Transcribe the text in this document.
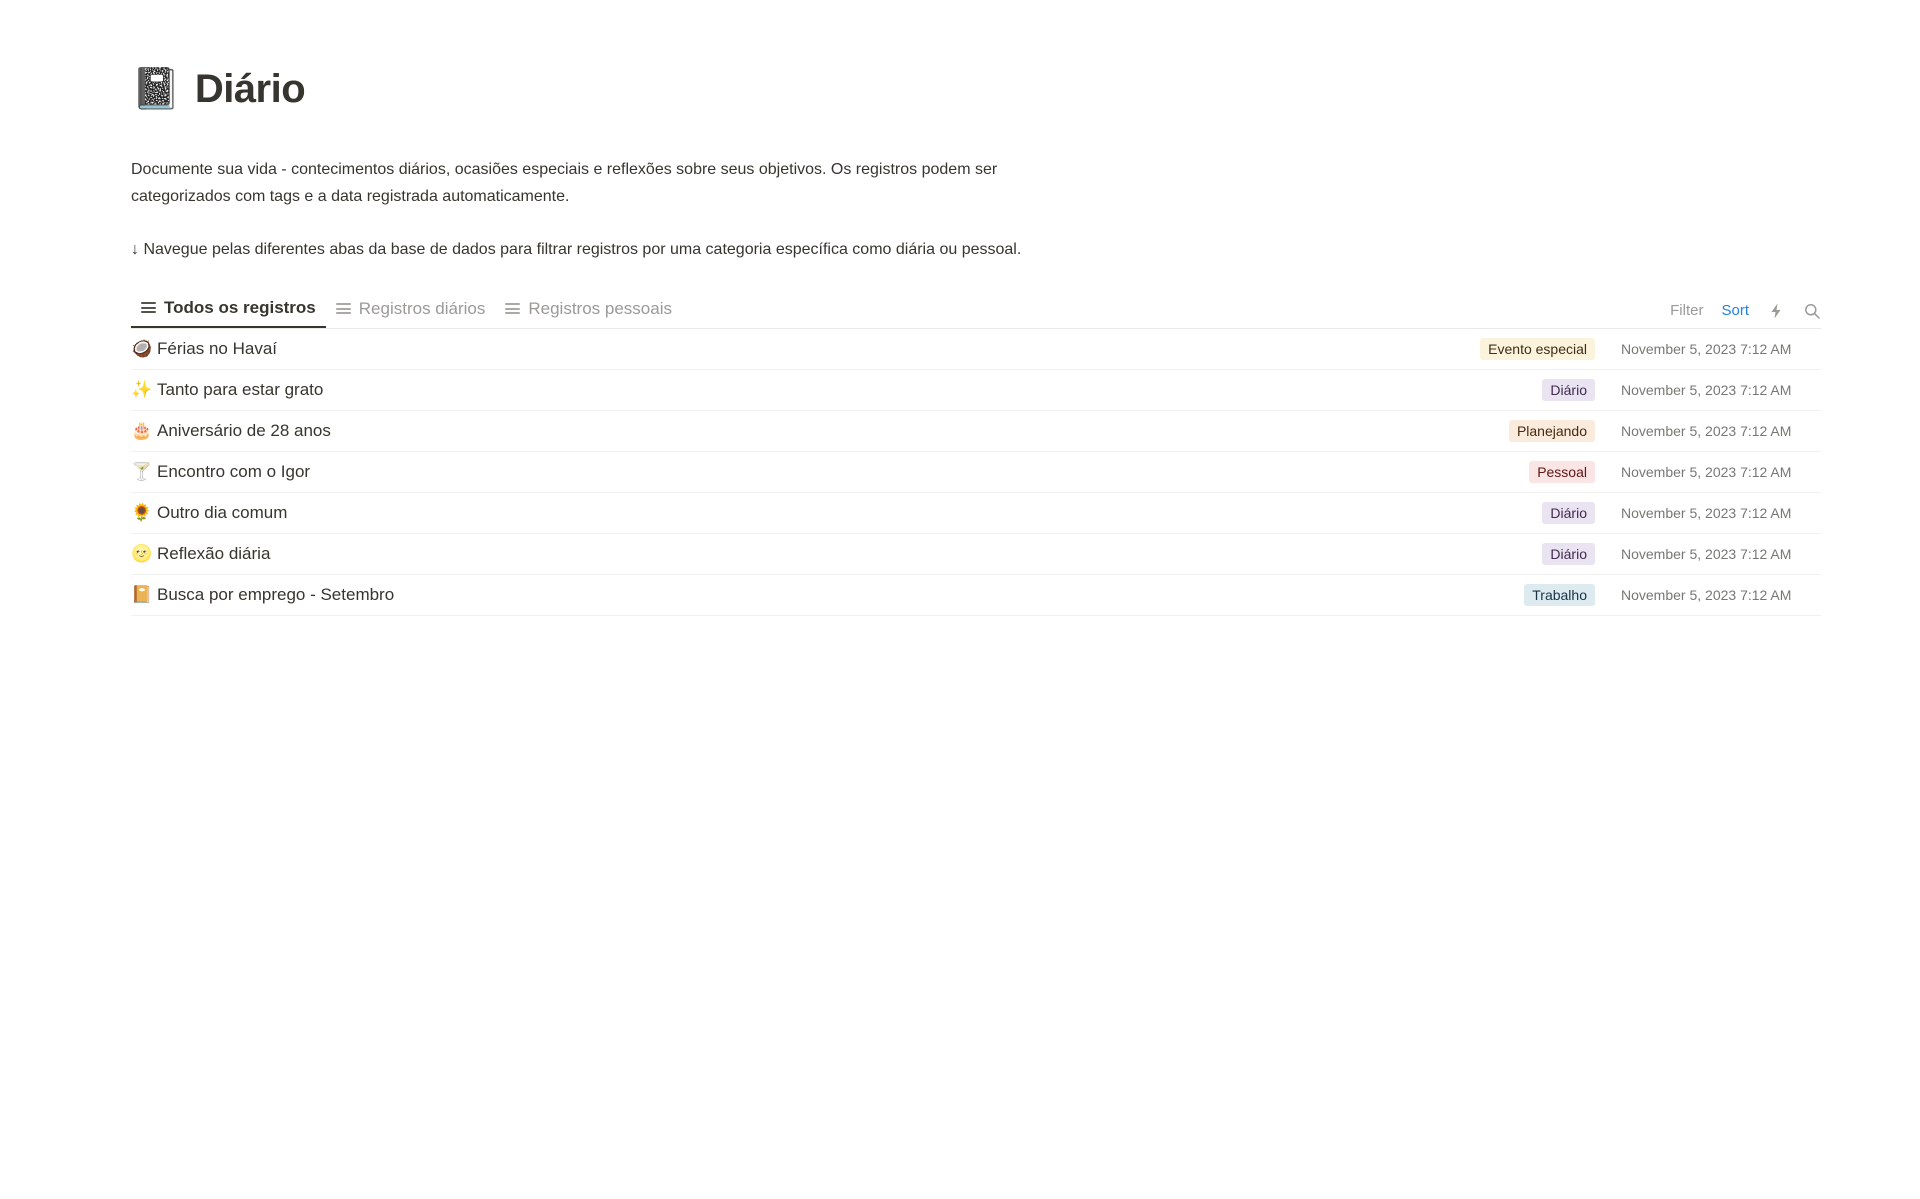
📓 Diário
Documente sua vida - contecimentos diários, ocasiões especiais e reflexões sobre seus objetivos. Os registros podem ser categorizados com tags e a data registrada automaticamente.
↓ Navegue pelas diferentes abas da base de dados para filtrar registros por uma categoria específica como diária ou pessoal.
Todos os registros	Registros diários	Registros pessoais	Filter Sort
🥥 Férias no Havaí	Evento especial	November 5, 2023 7:12 AM
✨ Tanto para estar grato	Diário	November 5, 2023 7:12 AM
🎂 Aniversário de 28 anos	Planejando	November 5, 2023 7:12 AM
🍸 Encontro com o Igor	Pessoal	November 5, 2023 7:12 AM
🌻 Outro dia comum	Diário	November 5, 2023 7:12 AM
🌝 Reflexão diária	Diário	November 5, 2023 7:12 AM
📔 Busca por emprego - Setembro	Trabalho	November 5, 2023 7:12 AM
